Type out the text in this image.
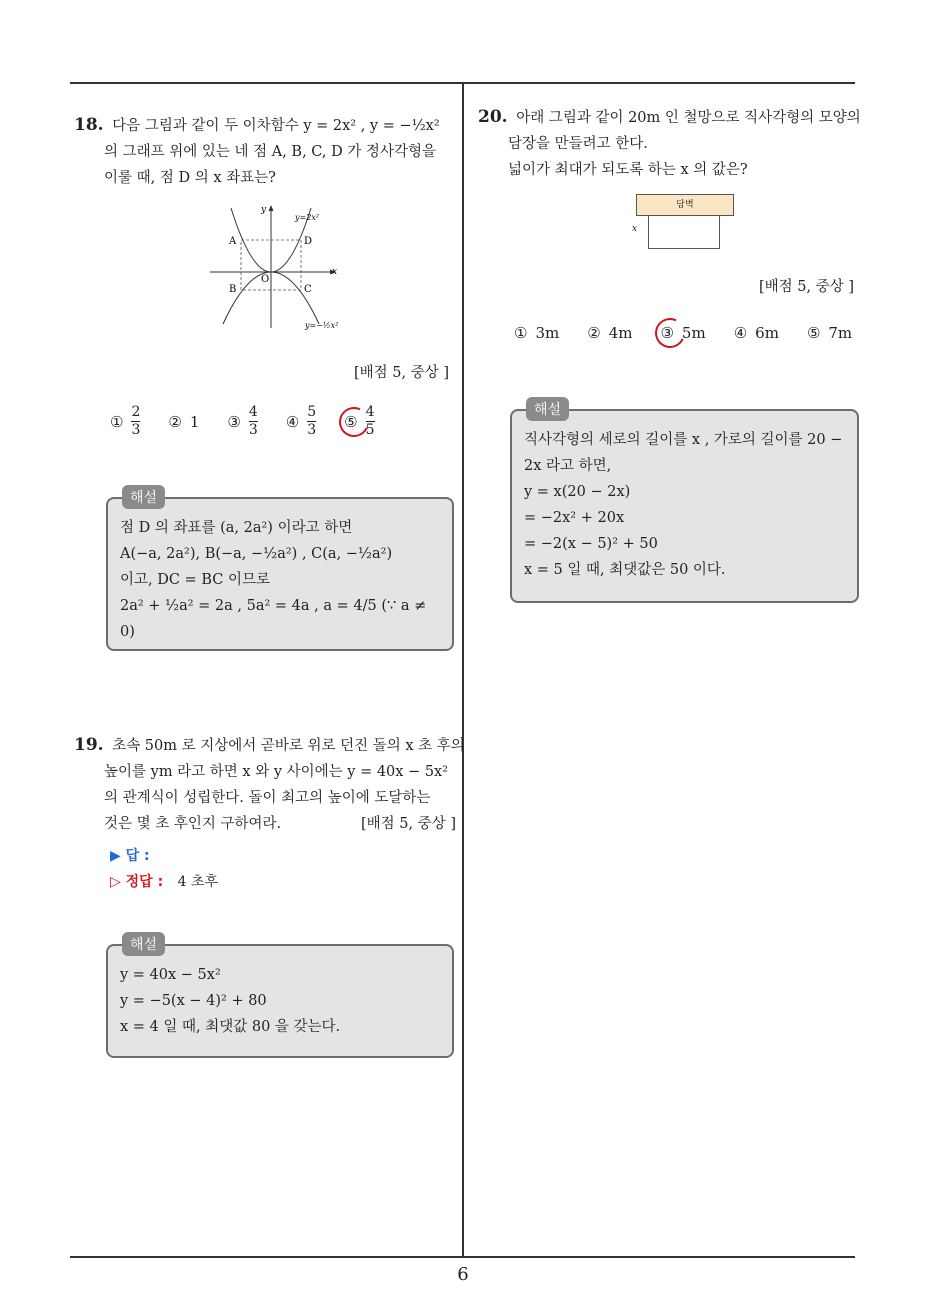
18. 다음 그림과 같이 두 이차함수 y = 2x² , y = −½x²
의 그래프 위에 있는 네 점 A, B, C, D 가 정사각형을
이룰 때, 점 D 의 x 좌표는?
y
x
O
A	D
B	C
y=2x²
y=−½x²
[배점 5, 중상 ]
① $\frac{2}{3}$ ② 1 ③ $\frac{4}{3}$ ④ $\frac{5}{3}$ ⑤ $\frac{4}{5}$
해설
점 D 의 좌표를 (a, 2a²) 이라고 하면
A(−a, 2a²), B(−a, −½a²) , C(a, −½a²)
이고, DC = BC 이므로
2a² + ½a² = 2a , 5a² = 4a , a = 4/5 (∵ a ≠ 0)
19. 초속 50m 로 지상에서 곧바로 위로 던진 돌의 x 초 후의
높이를 ym 라고 하면 x 와 y 사이에는 y = 40x − 5x²
의 관계식이 성립한다. 돌이 최고의 높이에 도달하는
것은 몇 초 후인지 구하여라.	[배점 5, 중상 ]
▶ 답 :
▷ 정답 : 4 초후
해설
y = 40x − 5x²
y = −5(x − 4)² + 80
x = 4 일 때, 최댓값 80 을 갖는다.
20. 아래 그림과 같이 20m 인 철망으로 직사각형의 모양의
담장을 만들려고 한다.
넓이가 최대가 되도록 하는 x 의 값은?
담벽
x
[배점 5, 중상 ]
① 3m ② 4m ③ 5m ④ 6m ⑤ 7m
해설
직사각형의 세로의 길이를 x , 가로의 길이를 20 −
2x 라고 하면,
y = x(20 − 2x)
= −2x² + 20x
= −2(x − 5)² + 50
x = 5 일 때, 최댓값은 50 이다.
6
